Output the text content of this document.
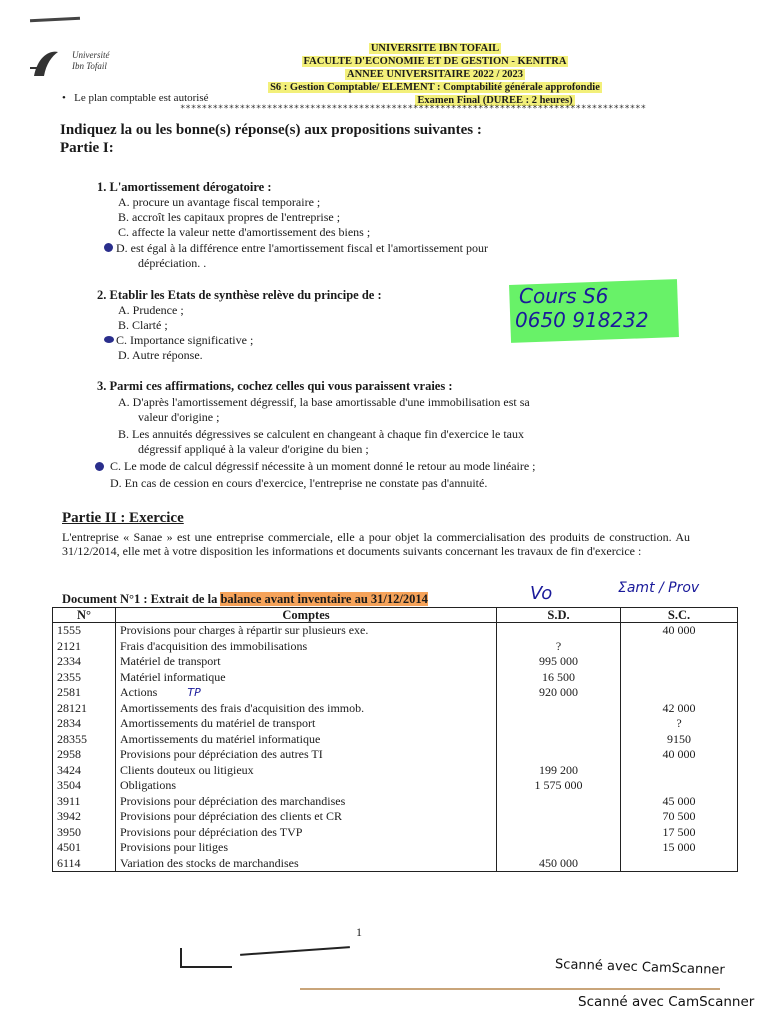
Université
Ibn Tofail
UNIVERSITE IBN TOFAIL
FACULTE D'ECONOMIE ET DE GESTION - KENITRA
ANNEE UNIVERSITAIRE 2022 / 2023
S6 : Gestion Comptable/ ELEMENT : Comptabilité générale approfondie
Examen Final (DUREE : 2 heures)
•   Le plan comptable est autorisé
**************************************************************************************
Indiquez la ou les bonne(s) réponse(s) aux propositions suivantes :
Partie I:
1. L'amortissement dérogatoire :
A. procure un avantage fiscal temporaire ;
B. accroît les capitaux propres de l'entreprise ;
C. affecte la valeur nette d'amortissement des biens ;
D. est égal à la différence entre l'amortissement fiscal et l'amortissement pour
dépréciation. .
2. Etablir les Etats de synthèse relève du principe de :
A. Prudence ;
B. Clarté ;
C. Importance significative ;
D. Autre réponse.
Cours S6
0650 918232
3. Parmi ces affirmations, cochez celles qui vous paraissent vraies :
A. D'après l'amortissement dégressif, la base amortissable d'une immobilisation est sa
valeur d'origine ;
B. Les annuités dégressives se calculent en changeant à chaque fin d'exercice le taux
dégressif appliqué à la valeur d'origine du bien ;
C. Le mode de calcul dégressif nécessite à un moment donné le retour au mode linéaire ;
D. En cas de cession en cours d'exercice, l'entreprise ne constate pas d'annuité.
Partie II : Exercice
L'entreprise « Sanae » est une entreprise commerciale, elle a pour objet la commercialisation des produits de construction. Au 31/12/2014, elle met à votre disposition les informations et documents suivants concernant les travaux de fin d'exercice :
Document N°1 : Extrait de la balance avant inventaire au 31/12/2014	Vo	Σamt / Prov
N°	Comptes	S.D.	S.C.
1555	Provisions pour charges à répartir sur plusieurs exe.		40 000
2121	Frais d'acquisition des immobilisations	?	
2334	Matériel de transport	995 000	
2355	Matériel informatique	16 500	
2581	Actions TP	920 000	
28121	Amortissements des frais d'acquisition des immob.		42 000
2834	Amortissements du matériel de transport		?
28355	Amortissements du matériel informatique		9150
2958	Provisions pour dépréciation des autres TI		40 000
3424	Clients douteux ou litigieux	199 200	
3504	Obligations	1 575 000	
3911	Provisions pour dépréciation des marchandises		45 000
3942	Provisions pour dépréciation des clients et CR		70 500
3950	Provisions pour dépréciation des TVP		17 500
4501	Provisions pour litiges		15 000
6114	Variation des stocks de marchandises	450 000	
1
Scanné avec CamScanner
Scanné avec CamScanner
